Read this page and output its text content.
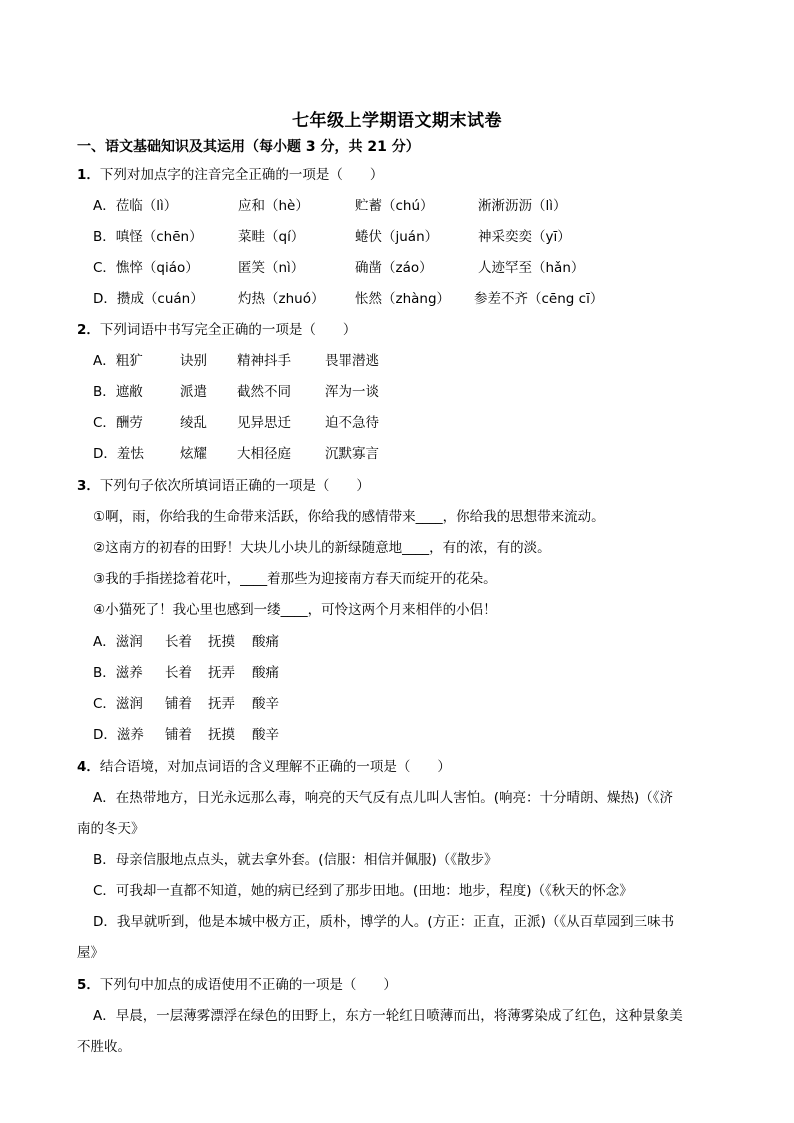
七年级上学期语文期末试卷
一、语文基础知识及其运用（每小题 3 分，共 21 分）
1．下列对加点字的注音完全正确的一项是（　　）
A．莅临（lì）	应和（hè）	贮蓄（chú）	淅淅沥沥（lì）
B．嗔怪（chēn）	菜畦（qí）	蜷伏（juán）	神采奕奕（yī）
C．憔悴（qiáo）	匿笑（nì）	确凿（záo）	人迹罕至（hǎn）
D．攒成（cuán）	灼热（zhuó） 怅然（zhàng） 参差不齐（cēng cī）
2．下列词语中书写完全正确的一项是（　　）
A．粗犷	诀别 精神抖手	畏罪潜逃
B．遮敝	派遣 截然不同	浑为一谈
C．酬劳	绫乱 见异思迁	迫不急待
D．羞怯	炫耀 大相径庭	沉默寡言
3．下列句子依次所填词语正确的一项是（　　）
①啊，雨，你给我的生命带来活跃，你给我的感情带来____，你给我的思想带来流动。
②这南方的初春的田野！大块儿小块儿的新绿随意地____，有的浓，有的淡。
③我的手指搓捻着花叶，____着那些为迎接南方春天而绽开的花朵。
④小猫死了！我心里也感到一缕____，可怜这两个月来相伴的小侣！
A．滋润 长着 抚摸 酸痛
B．滋养 长着 抚弄 酸痛
C．滋润 铺着 抚弄 酸辛
D．滋养 铺着 抚摸 酸辛
4．结合语境，对加点词语的含义理解不正确的一项是（　　）
A．在热带地方，日光永远那么毒，响亮的天气反有点儿叫人害怕。(响亮：十分晴朗、燥热)（《济
南的冬天》
B．母亲信服地点点头，就去拿外套。(信服：相信并佩服)（《散步》
C．可我却一直都不知道，她的病已经到了那步田地。(田地：地步，程度)（《秋天的怀念》
D．我早就听到，他是本城中极方正，质朴，博学的人。(方正：正直，正派)（《从百草园到三味书
屋》
5．下列句中加点的成语使用不正确的一项是（　　）
A．早晨，一层薄雾漂浮在绿色的田野上，东方一轮红日喷薄而出，将薄雾染成了红色，这种景象美
不胜收。
